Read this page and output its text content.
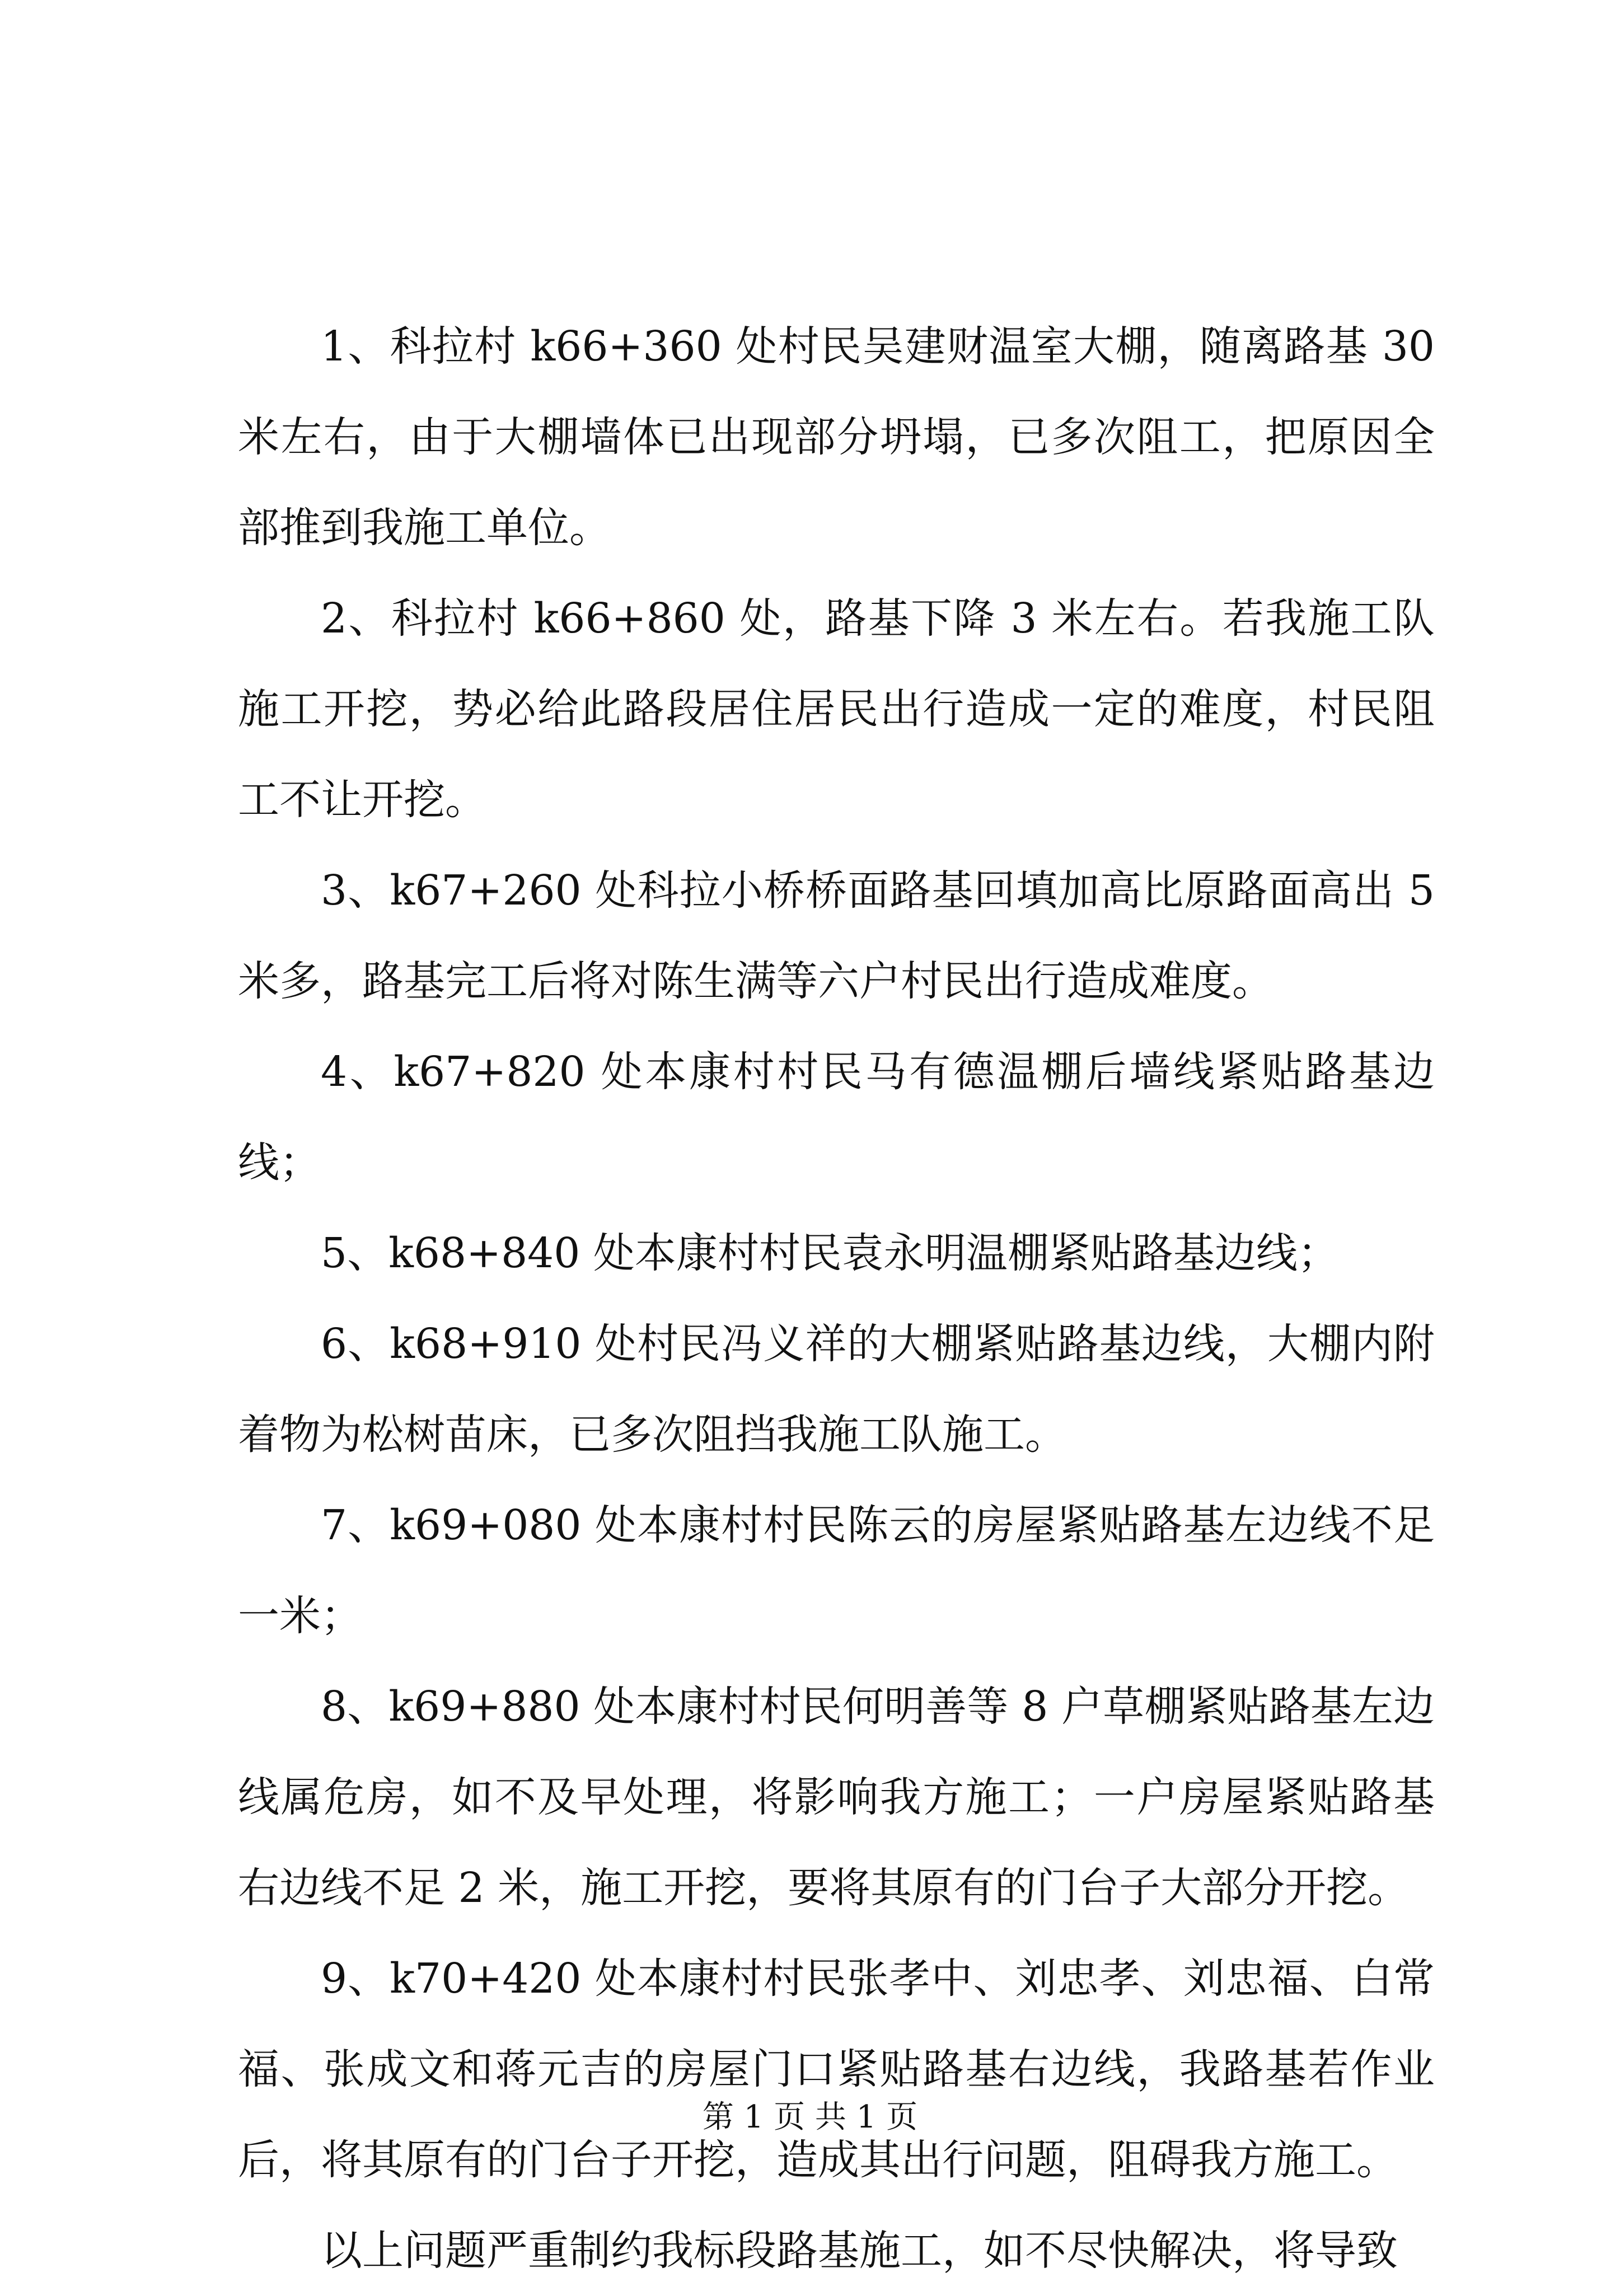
1、科拉村 k66+360 处村民吴建财温室大棚，随离路基 30 米左右，由于大棚墙体已出现部分坍塌，已多次阻工，把原因全部推到我施工单位。

2、科拉村 k66+860 处，路基下降 3 米左右。若我施工队施工开挖，势必给此路段居住居民出行造成一定的难度，村民阻工不让开挖。

3、k67+260 处科拉小桥桥面路基回填加高比原路面高出 5 米多，路基完工后将对陈生满等六户村民出行造成难度。

4、k67+820 处本康村村民马有德温棚后墙线紧贴路基边线；

5、k68+840 处本康村村民袁永明温棚紧贴路基边线；

6、k68+910 处村民冯义祥的大棚紧贴路基边线，大棚内附着物为松树苗床，已多次阻挡我施工队施工。

7、k69+080 处本康村村民陈云的房屋紧贴路基左边线不足一米；

8、k69+880 处本康村村民何明善等 8 户草棚紧贴路基左边线属危房，如不及早处理，将影响我方施工；一户房屋紧贴路基右边线不足 2 米，施工开挖，要将其原有的门台子大部分开挖。

9、k70+420 处本康村村民张孝中、刘忠孝、刘忠福、白常福、张成文和蒋元吉的房屋门口紧贴路基右边线，我路基若作业后，将其原有的门台子开挖，造成其出行问题，阻碍我方施工。

以上问题严重制约我标段路基施工，如不尽快解决，将导致

第 1 页 共 1 页
